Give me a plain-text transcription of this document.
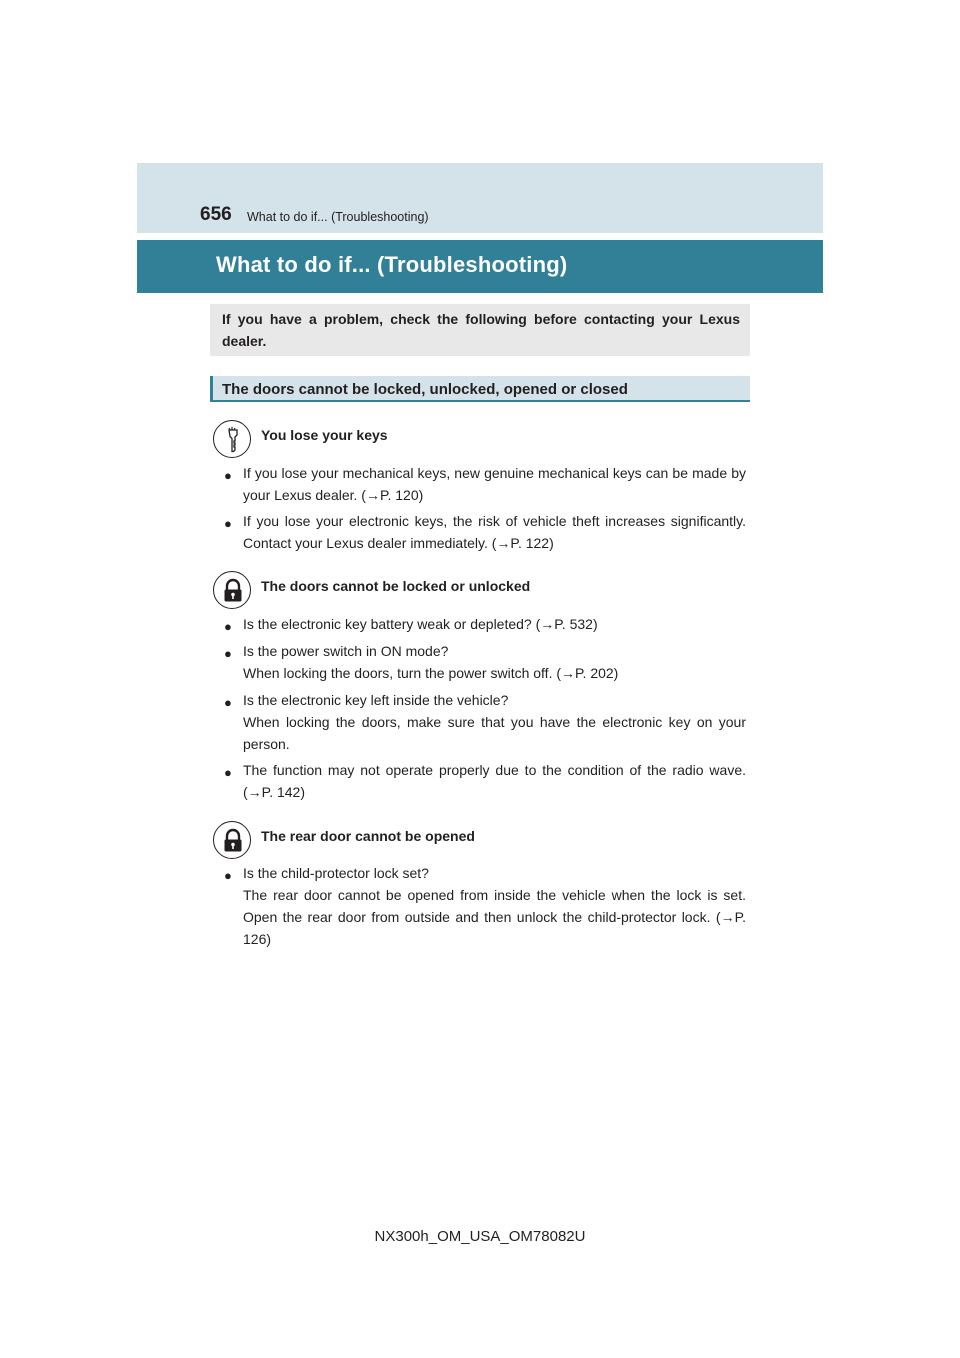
656 What to do if... (Troubleshooting)
What to do if... (Troubleshooting)
If you have a problem, check the following before contacting your Lexus dealer.
The doors cannot be locked, unlocked, opened or closed
You lose your keys
● If you lose your mechanical keys, new genuine mechanical keys can be made by your Lexus dealer. (→P. 120)

● If you lose your electronic keys, the risk of vehicle theft increases significantly. Contact your Lexus dealer immediately. (→P. 122)

The doors cannot be locked or unlocked
● Is the electronic key battery weak or depleted? (→P. 532)

● Is the power switch in ON mode?

When locking the doors, turn the power switch off. (→P. 202)

● Is the electronic key left inside the vehicle?

When locking the doors, make sure that you have the electronic key on your person.

● The function may not operate properly due to the condition of the radio wave. (→P. 142)

The rear door cannot be opened
● Is the child-protector lock set?

The rear door cannot be opened from inside the vehicle when the lock is set. Open the rear door from outside and then unlock the child-protector lock. (→P. 126)

NX300h_OM_USA_OM78082U
